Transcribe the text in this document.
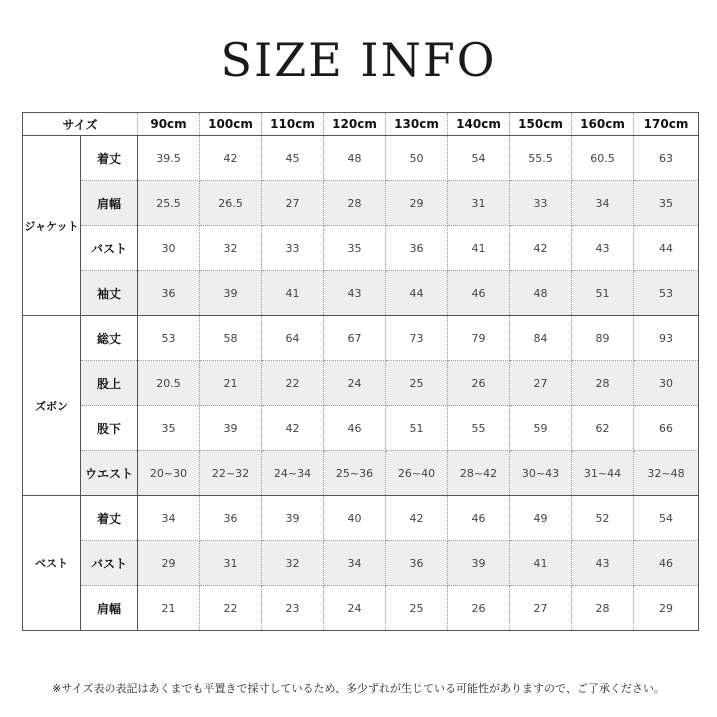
SIZE INFO
サイズ		90cm	100cm	110cm	120cm	130cm	140cm	150cm	160cm	170cm
ジャケット	着丈	39.5	42	45	48	50	54	55.5	60.5	63
	肩幅	25.5	26.5	27	28	29	31	33	34	35
	バスト	30	32	33	35	36	41	42	43	44
	袖丈	36	39	41	43	44	46	48	51	53
ズボン	総丈	53	58	64	67	73	79	84	89	93
	股上	20.5	21	22	24	25	26	27	28	30
	股下	35	39	42	46	51	55	59	62	66
	ウエスト	20~30	22~32	24~34	25~36	26~40	28~42	30~43	31~44	32~48
ベスト	着丈	34	36	39	40	42	46	49	52	54
	バスト	29	31	32	34	36	39	41	43	46
	肩幅	21	22	23	24	25	26	27	28	29
※サイズ表の表記はあくまでも平置きで採寸しているため、多少ずれが生じている可能性がありますので、ご了承ください。
